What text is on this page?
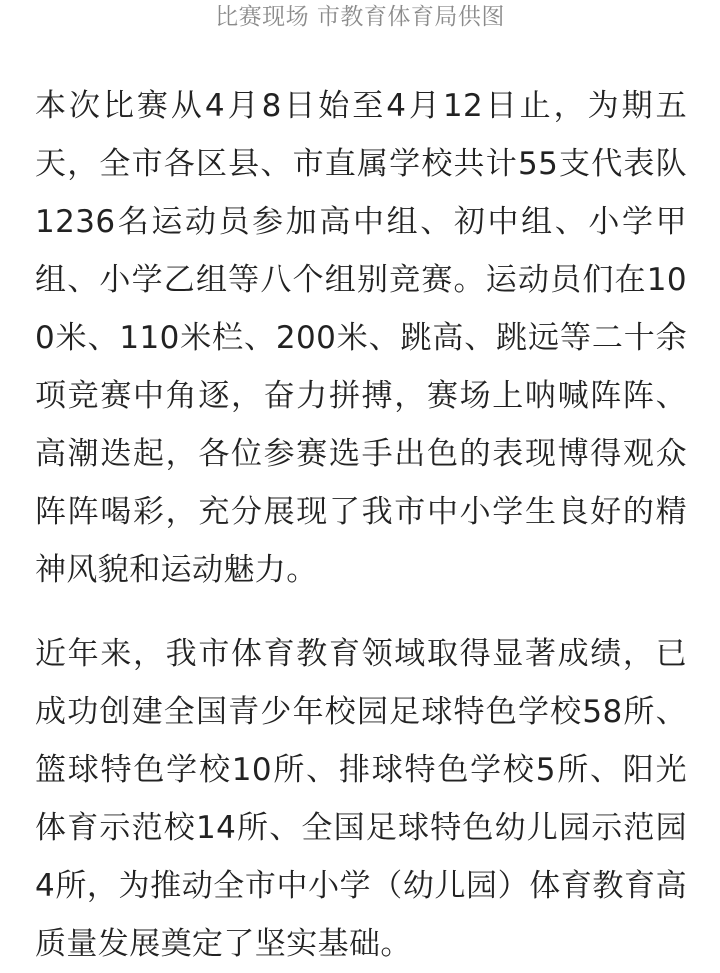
比赛现场 市教育体育局供图

本次比赛从4月8日始至4月12日止，为期五天，全市各区县、市直属学校共计55支代表队1236名运动员参加高中组、初中组、小学甲组、小学乙组等八个组别竞赛。运动员们在100米、110米栏、200米、跳高、跳远等二十余项竞赛中角逐，奋力拼搏，赛场上呐喊阵阵、高潮迭起，各位参赛选手出色的表现博得观众阵阵喝彩，充分展现了我市中小学生良好的精神风貌和运动魅力。

近年来，我市体育教育领域取得显著成绩，已成功创建全国青少年校园足球特色学校58所、篮球特色学校10所、排球特色学校5所、阳光体育示范校14所、全国足球特色幼儿园示范园4所，为推动全市中小学（幼儿园）体育教育高质量发展奠定了坚实基础。
